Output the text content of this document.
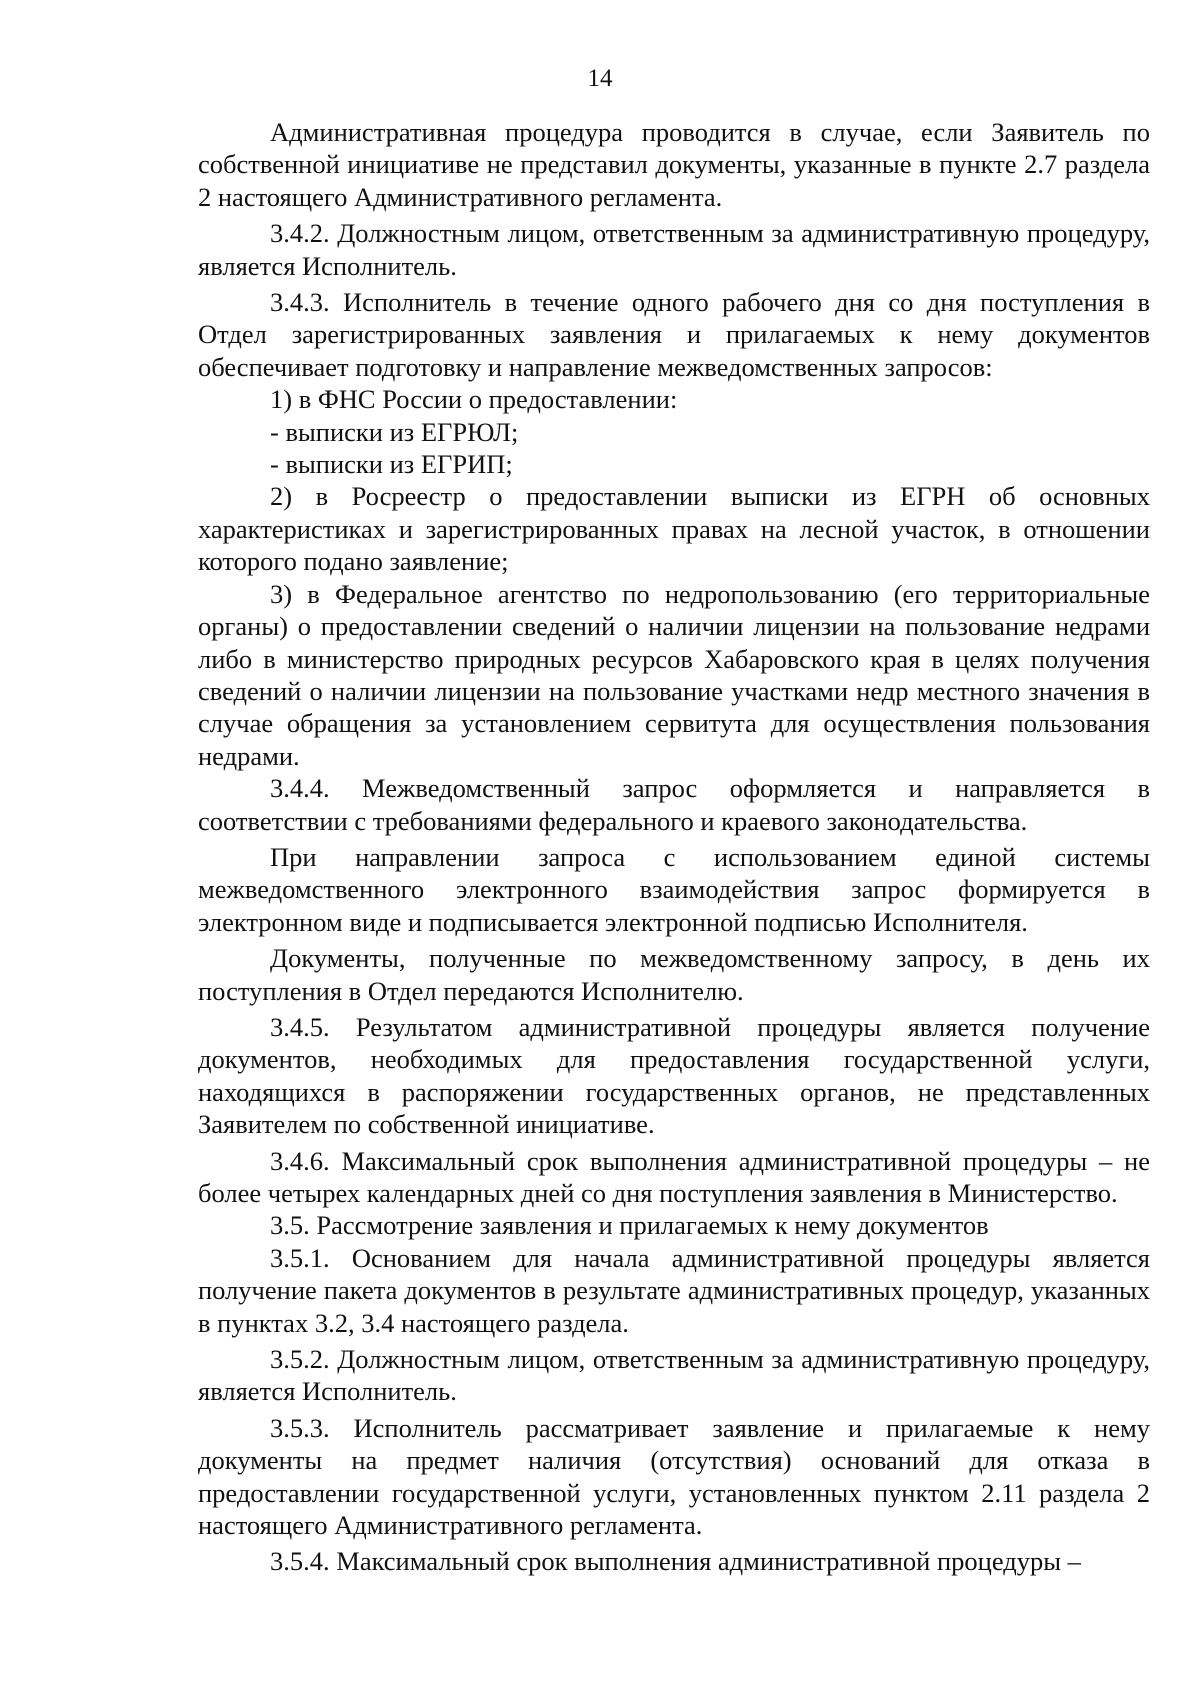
14

Административная процедура проводится в случае, если Заявитель по собственной инициативе не представил документы, указанные в пункте 2.7 раздела 2 настоящего Административного регламента.

3.4.2. Должностным лицом, ответственным за административную процедуру, является Исполнитель.

3.4.3. Исполнитель в течение одного рабочего дня со дня поступления в Отдел зарегистрированных заявления и прилагаемых к нему документов обеспечивает подготовку и направление межведомственных запросов:

1) в ФНС России о предоставлении:

- выписки из ЕГРЮЛ;

- выписки из ЕГРИП;

2) в Росреестр о предоставлении выписки из ЕГРН об основных характеристиках и зарегистрированных правах на лесной участок, в отношении которого подано заявление;

3) в Федеральное агентство по недропользованию (его территориальные органы) о предоставлении сведений о наличии лицензии на пользование недрами либо в министерство природных ресурсов Хабаровского края в целях получения сведений о наличии лицензии на пользование участками недр местного значения в случае обращения за установлением сервитута для осуществления пользования недрами.

3.4.4. Межведомственный запрос оформляется и направляется в соответствии с требованиями федерального и краевого законодательства.

При направлении запроса с использованием единой системы межведомственного электронного взаимодействия запрос формируется в электронном виде и подписывается электронной подписью Исполнителя.

Документы, полученные по межведомственному запросу, в день их поступления в Отдел передаются Исполнителю.

3.4.5. Результатом административной процедуры является получение документов, необходимых для предоставления государственной услуги, находящихся в распоряжении государственных органов, не представленных Заявителем по собственной инициативе.

3.4.6. Максимальный срок выполнения административной процедуры – не более четырех календарных дней со дня поступления заявления в Министерство.

3.5. Рассмотрение заявления и прилагаемых к нему документов

3.5.1. Основанием для начала административной процедуры является получение пакета документов в результате административных процедур, указанных в пунктах 3.2, 3.4 настоящего раздела.

3.5.2. Должностным лицом, ответственным за административную процедуру, является Исполнитель.

3.5.3. Исполнитель рассматривает заявление и прилагаемые к нему документы на предмет наличия (отсутствия) оснований для отказа в предоставлении государственной услуги, установленных пунктом 2.11 раздела 2 настоящего Административного регламента.

3.5.4. Максимальный срок выполнения административной процедуры –
